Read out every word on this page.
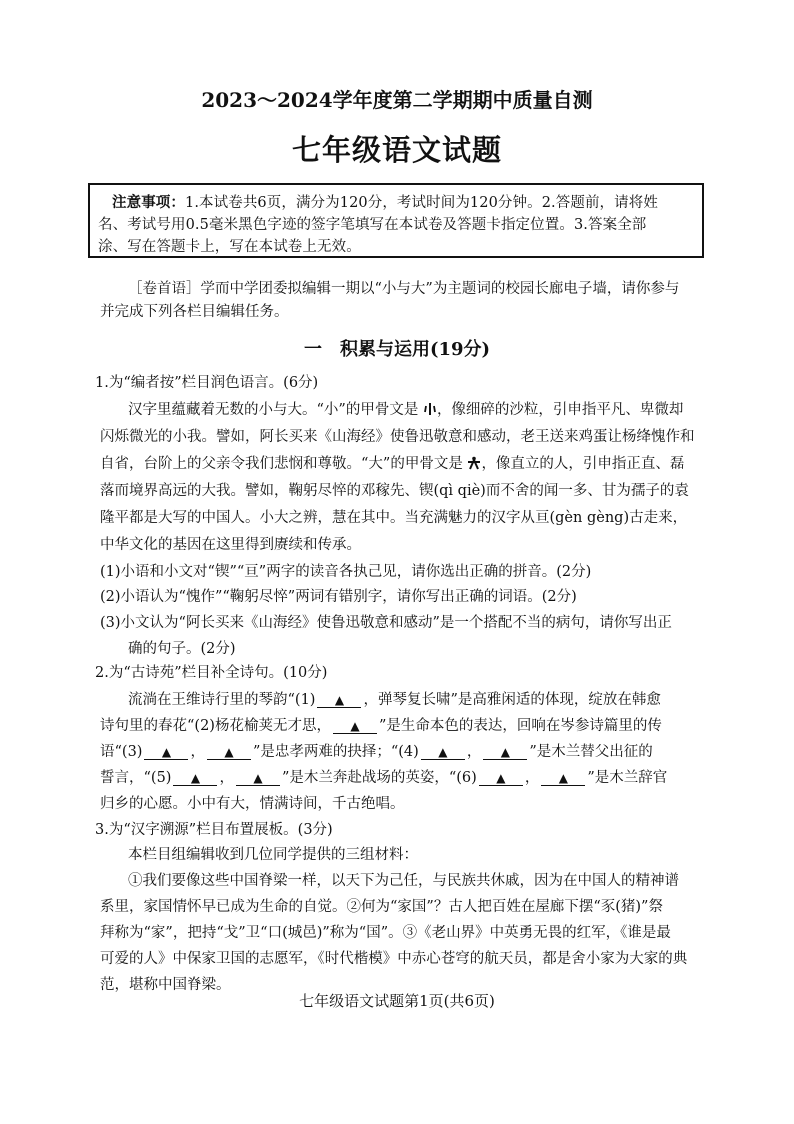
2023～2024学年度第二学期期中质量自测
七年级语文试题
注意事项：1.本试卷共6页，满分为120分，考试时间为120分钟。2.答题前，请将姓
名、考试号用0.5毫米黑色字迹的签字笔填写在本试卷及答题卡指定位置。3.答案全部
涂、写在答题卡上，写在本试卷上无效。
［卷首语］学而中学团委拟编辑一期以“小与大”为主题词的校园长廊电子墙，请你参与
并完成下列各栏目编辑任务。
一　积累与运用(19分)
1.为“编者按”栏目润色语言。(6分)
汉字里蕴藏着无数的小与大。“小”的甲骨文是 ，像细碎的沙粒，引申指平凡、卑微却
闪烁微光的小我。譬如，阿长买来《山海经》使鲁迅敬意和感动，老王送来鸡蛋让杨绛愧作和
自省，台阶上的父亲令我们悲悯和尊敬。“大”的甲骨文是 ，像直立的人，引申指正直、磊
落而境界高远的大我。譬如，鞠躬尽悴的邓稼先、锲(qì qiè)而不舍的闻一多、甘为孺子的袁
隆平都是大写的中国人。小大之辨，慧在其中。当充满魅力的汉字从亘(gèn gèng)古走来，
中华文化的基因在这里得到赓续和传承。
(1)小语和小文对“锲”“亘”两字的读音各执己见，请你选出正确的拼音。(2分)
(2)小语认为“愧作”“鞠躬尽悴”两词有错别字，请你写出正确的词语。(2分)
(3)小文认为“阿长买来《山海经》使鲁迅敬意和感动”是一个搭配不当的病句，请你写出正
确的句子。(2分)
2.为“古诗苑”栏目补全诗句。(10分)
流淌在王维诗行里的琴韵“(1) ▲ ，弹琴复长啸”是高雅闲适的体现，绽放在韩愈
诗句里的春花“(2)杨花榆荚无才思， ▲ ”是生命本色的表达，回响在岑参诗篇里的传
语“(3) ▲ ， ▲ ”是忠孝两难的抉择；“(4) ▲ ， ▲ ”是木兰替父出征的
誓言，“(5) ▲ ， ▲ ”是木兰奔赴战场的英姿，“(6) ▲ ， ▲ ”是木兰辞官
归乡的心愿。小中有大，情满诗间，千古绝唱。
3.为“汉字溯源”栏目布置展板。(3分)
本栏目组编辑收到几位同学提供的三组材料：
①我们要像这些中国脊梁一样，以天下为己任，与民族共休戚，因为在中国人的精神谱
系里，家国情怀早已成为生命的自觉。②何为“家国”？古人把百姓在屋廊下摆“豕(猪)”祭
拜称为“家”，把持“戈”卫“口(城邑)”称为“国”。③《老山界》中英勇无畏的红军，《谁是最
可爱的人》中保家卫国的志愿军，《时代楷模》中赤心苍穹的航天员，都是舍小家为大家的典
范，堪称中国脊梁。
七年级语文试题第1页(共6页)
